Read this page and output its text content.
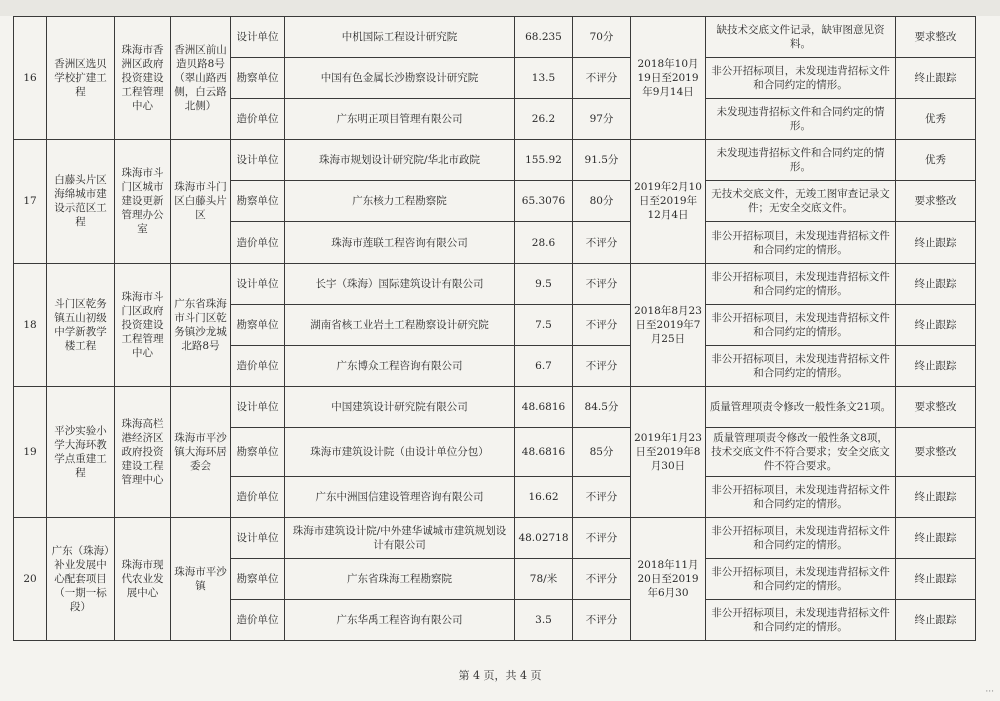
16	香洲区选贝学校扩建工程	珠海市香洲区政府投资建设工程管理中心	香洲区前山造贝路8号（翠山路西侧，白云路北侧）	设计单位	中机国际工程设计研究院	68.235	70分	2018年10月19日至2019年9月14日	缺技术交底文件记录，缺审图意见资料。	要求整改
				勘察单位	中国有色金属长沙勘察设计研究院	13.5	不评分		非公开招标项目，未发现违背招标文件和合同约定的情形。	终止跟踪
				造价单位	广东明正项目管理有限公司	26.2	97分		未发现违背招标文件和合同约定的情形。	优秀
17	白藤头片区海绵城市建设示范区工程	珠海市斗门区城市建设更新管理办公室	珠海市斗门区白藤头片区	设计单位	珠海市规划设计研究院/华北市政院	155.92	91.5分	2019年2月10日至2019年12月4日	未发现违背招标文件和合同约定的情形。	优秀
				勘察单位	广东核力工程勘察院	65.3076	80分		无技术交底文件，无竣工图审查记录文件；无安全交底文件。	要求整改
				造价单位	珠海市莲联工程咨询有限公司	28.6	不评分		非公开招标项目，未发现违背招标文件和合同约定的情形。	终止跟踪
18	斗门区乾务镇五山初级中学新教学楼工程	珠海市斗门区政府投资建设工程管理中心	广东省珠海市斗门区乾务镇沙龙城北路8号	设计单位	长宇（珠海）国际建筑设计有限公司	9.5	不评分	2018年8月23日至2019年7月25日	非公开招标项目，未发现违背招标文件和合同约定的情形。	终止跟踪
				勘察单位	湖南省核工业岩土工程勘察设计研究院	7.5	不评分		非公开招标项目，未发现违背招标文件和合同约定的情形。	终止跟踪
				造价单位	广东博众工程咨询有限公司	6.7	不评分		非公开招标项目，未发现违背招标文件和合同约定的情形。	终止跟踪
19	平沙实验小学大海环教学点重建工程	珠海高栏港经济区政府投资建设工程管理中心	珠海市平沙镇大海环居委会	设计单位	中国建筑设计研究院有限公司	48.6816	84.5分	2019年1月23日至2019年8月30日	质量管理项责令修改一般性条文21项。	要求整改
				勘察单位	珠海市建筑设计院（由设计单位分包）	48.6816	85分		质量管理项责令修改一般性条文8项，技术交底文件不符合要求；安全交底文件不符合要求。	要求整改
				造价单位	广东中洲国信建设管理咨询有限公司	16.62	不评分		非公开招标项目，未发现违背招标文件和合同约定的情形。	终止跟踪
20	广东（珠海）补业发展中心配套项目（一期一标段）	珠海市现代农业发展中心	珠海市平沙镇	设计单位	珠海市建筑设计院/中外建华诚城市建筑规划设计有限公司	48.02718	不评分	2018年11月20日至2019年6月30	非公开招标项目，未发现违背招标文件和合同约定的情形。	终止跟踪
				勘察单位	广东省珠海工程勘察院	78/米	不评分		非公开招标项目，未发现违背招标文件和合同约定的情形。	终止跟踪
				造价单位	广东华禹工程咨询有限公司	3.5	不评分		非公开招标项目，未发现违背招标文件和合同约定的情形。	终止跟踪
第 4 页，共 4 页
···
